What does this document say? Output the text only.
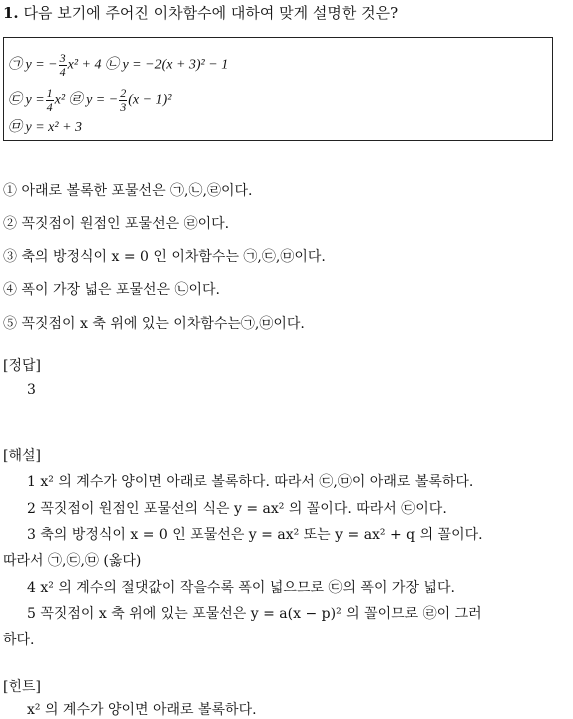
1. 다음 보기에 주어진 이차함수에 대하여 맞게 설명한 것은?
㉠ y = − $\frac{3}{4} x^2 + 4$ ㉡ y = −2(x + 3)² − 1
㉢ $y = \frac{1}{4} x^2$ ㉣ y = − $\frac{2}{3} (x - 1)^2$
㉤ y = x² + 3
① 아래로 볼록한 포물선은 ㉠,㉡,㉣이다.
② 꼭짓점이 원점인 포물선은 ㉣이다.
③ 축의 방정식이 x = 0 인 이차함수는 ㉠,㉢,㉤이다.
④ 폭이 가장 넓은 포물선은 ㉡이다.
⑤ 꼭짓점이 x 축 위에 있는 이차함수는㉠,㉤이다.
[정답]
3
[해설]
1 x² 의 계수가 양이면 아래로 볼록하다. 따라서 ㉢,㉤이 아래로 볼록하다.
2 꼭짓점이 원점인 포물선의 식은 y = ax² 의 꼴이다. 따라서 ㉢이다.
3 축의 방정식이 x = 0 인 포물선은 y = ax² 또는 y = ax² + q 의 꼴이다.
따라서 ㉠,㉢,㉤ (옳다)
4 x² 의 계수의 절댓값이 작을수록 폭이 넓으므로 ㉢의 폭이 가장 넓다.
5 꼭짓점이 x 축 위에 있는 포물선은 y = a(x − p)² 의 꼴이므로 ㉣이 그러
하다.
[힌트]
x² 의 계수가 양이면 아래로 볼록하다.
